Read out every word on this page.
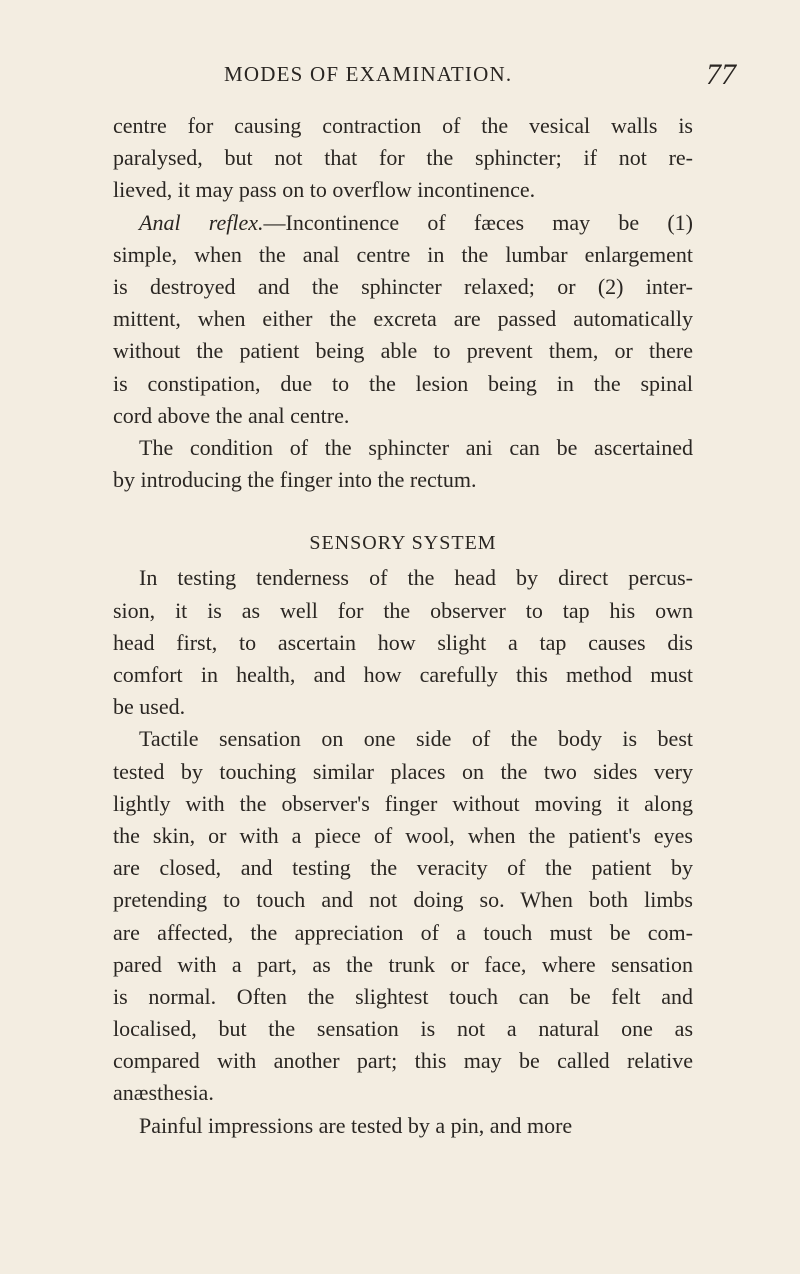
MODES OF EXAMINATION.	77
centre for causing contraction of the vesical walls is
paralysed, but not that for the sphincter; if not re-
lieved, it may pass on to overflow incontinence.
Anal reflex.—Incontinence of fæces may be (1)
simple, when the anal centre in the lumbar enlargement
is destroyed and the sphincter relaxed; or (2) inter-
mittent, when either the excreta are passed automatically
without the patient being able to prevent them, or there
is constipation, due to the lesion being in the spinal
cord above the anal centre.
The condition of the sphincter ani can be ascertained
by introducing the finger into the rectum.
SENSORY SYSTEM
In testing tenderness of the head by direct percus-
sion, it is as well for the observer to tap his own
head first, to ascertain how slight a tap causes dis
comfort in health, and how carefully this method must
be used.
Tactile sensation on one side of the body is best
tested by touching similar places on the two sides very
lightly with the observer's finger without moving it along
the skin, or with a piece of wool, when the patient's eyes
are closed, and testing the veracity of the patient by
pretending to touch and not doing so. When both limbs
are affected, the appreciation of a touch must be com-
pared with a part, as the trunk or face, where sensation
is normal. Often the slightest touch can be felt and
localised, but the sensation is not a natural one as
compared with another part; this may be called relative
anæsthesia.
Painful impressions are tested by a pin, and more
